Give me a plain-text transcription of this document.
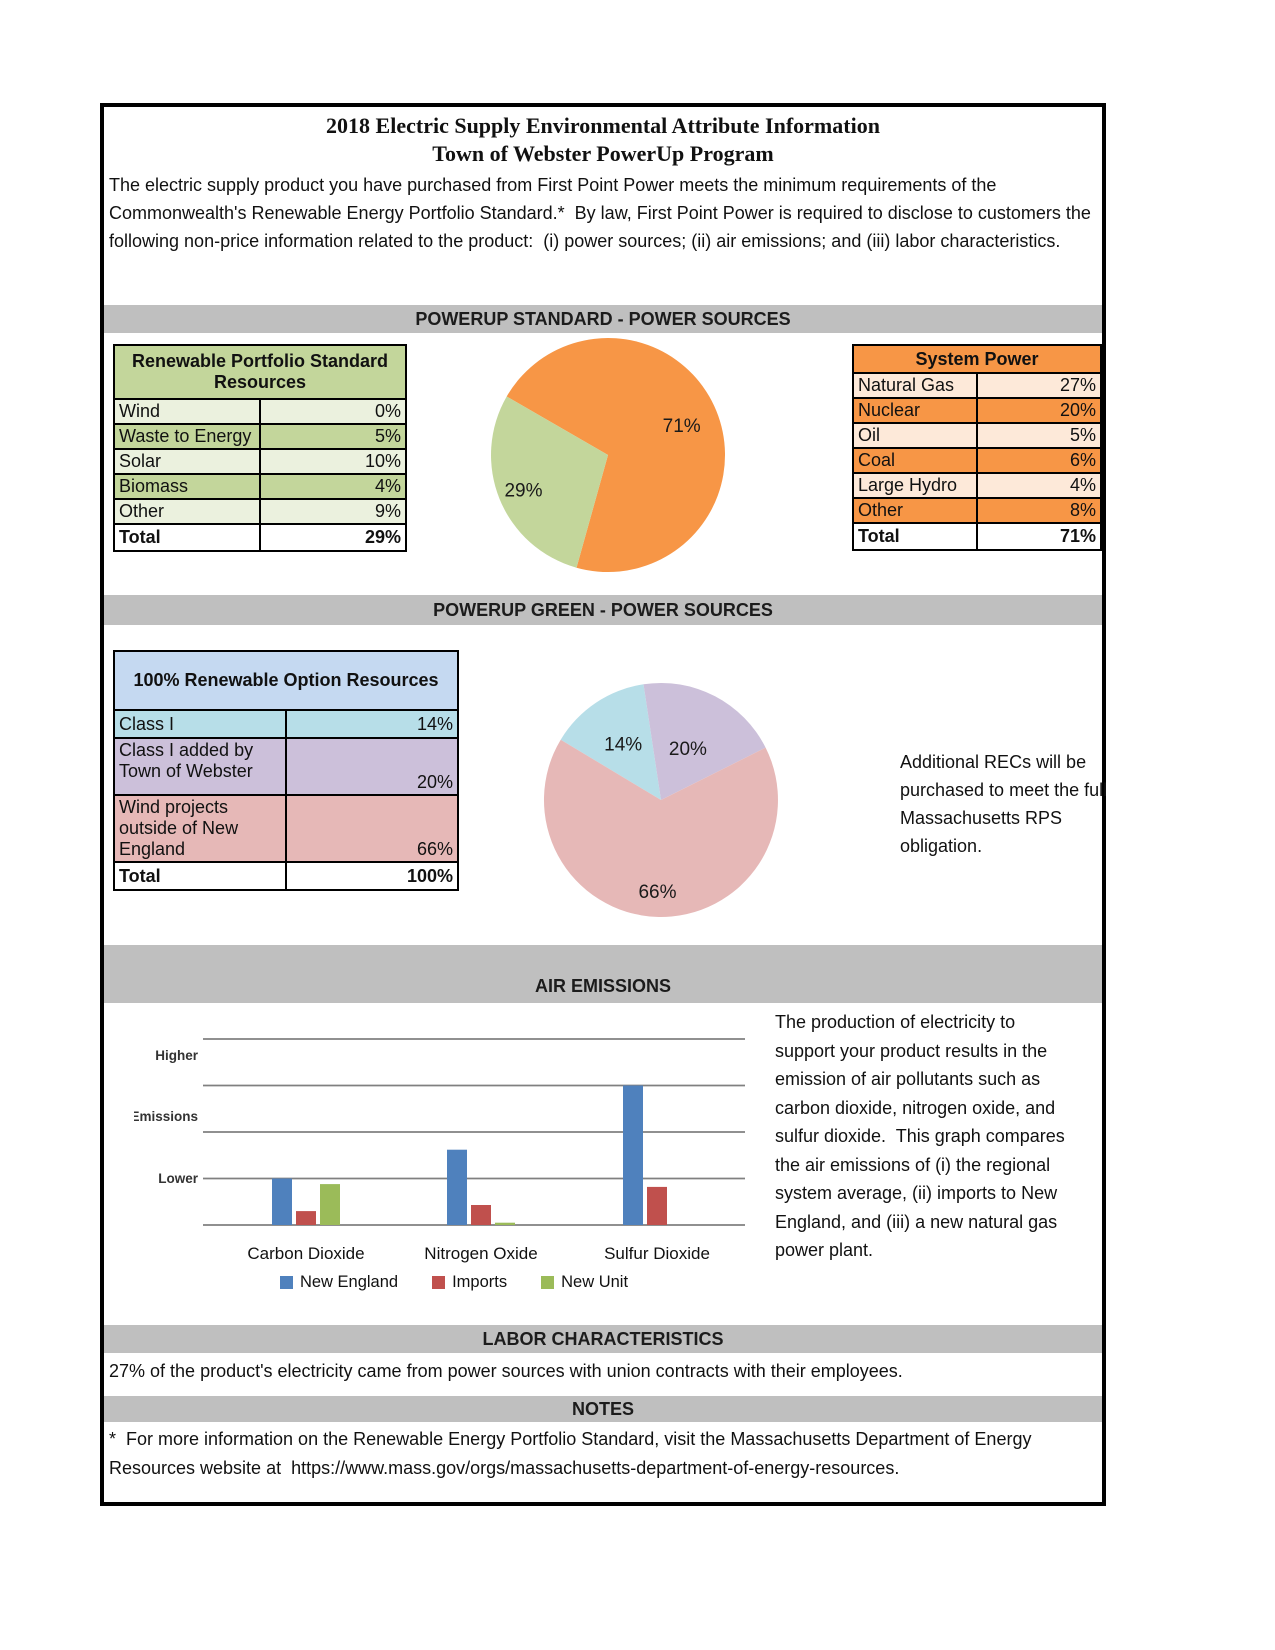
2018 Electric Supply Environmental Attribute Information
Town of Webster PowerUp Program
The electric supply product you have purchased from First Point Power meets the minimum requirements of the Commonwealth's Renewable Energy Portfolio Standard.*  By law, First Point Power is required to disclose to customers the following non-price information related to the product:  (i) power sources; (ii) air emissions; and (iii) labor characteristics.
POWERUP STANDARD - POWER SOURCES
Renewable Portfolio Standard Resources	
Wind	0%
Waste to Energy	5%
Solar	10%
Biomass	4%
Other	9%
Total	29%
71%
29%
System Power	
Natural Gas	27%
Nuclear	20%
Oil	5%
Coal	6%
Large Hydro	4%
Other	8%
Total	71%
POWERUP GREEN - POWER SOURCES
100% Renewable Option Resources	
Class I	14%
Class I added by Town of Webster	20%
Wind projects outside of New England	66%
Total	100%
14% 20%
66%
Additional RECs will be purchased to meet the full Massachusetts RPS obligation.
AIR EMISSIONS
Higher
Emissions
Lower
Carbon Dioxide	Nitrogen Oxide	Sulfur Dioxide
New England	Imports	New Unit
The production of electricity to support your product results in the emission of air pollutants such as carbon dioxide, nitrogen oxide, and sulfur dioxide.  This graph compares the air emissions of (i) the regional system average, (ii) imports to New England, and (iii) a new natural gas power plant.
LABOR CHARACTERISTICS
27% of the product's electricity came from power sources with union contracts with their employees.
NOTES
*  For more information on the Renewable Energy Portfolio Standard, visit the Massachusetts Department of Energy Resources website at  https://www.mass.gov/orgs/massachusetts-department-of-energy-resources.
